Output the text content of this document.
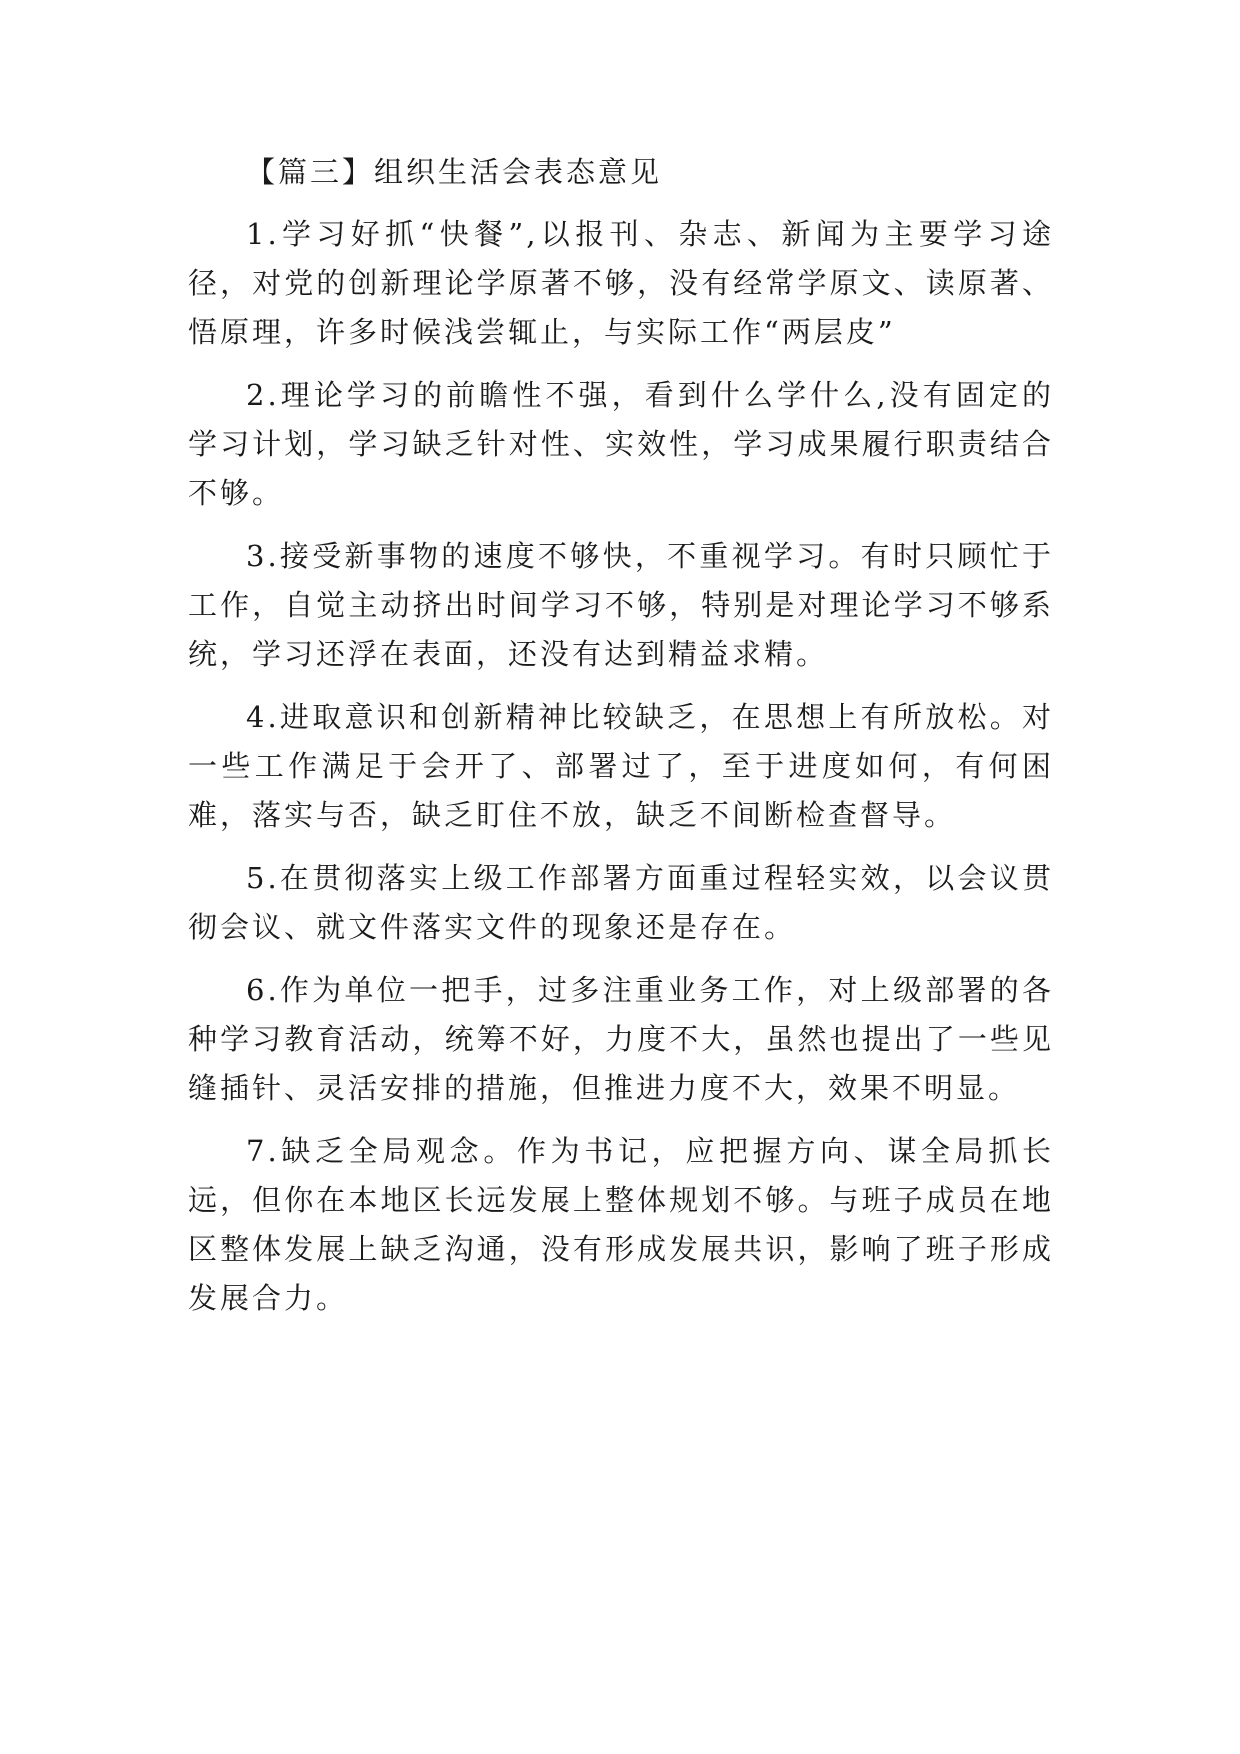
【篇三】组织生活会表态意见

1.学习好抓“快餐”,以报刊、杂志、新闻为主要学习途径，对党的创新理论学原著不够，没有经常学原文、读原著、悟原理，许多时候浅尝辄止，与实际工作“两层皮”

2.理论学习的前瞻性不强，看到什么学什么,没有固定的学习计划，学习缺乏针对性、实效性，学习成果履行职责结合不够。

3.接受新事物的速度不够快，不重视学习。有时只顾忙于工作，自觉主动挤出时间学习不够，特别是对理论学习不够系统，学习还浮在表面，还没有达到精益求精。

4.进取意识和创新精神比较缺乏，在思想上有所放松。对一些工作满足于会开了、部署过了，至于进度如何，有何困难，落实与否，缺乏盯住不放，缺乏不间断检查督导。

5.在贯彻落实上级工作部署方面重过程轻实效，以会议贯彻会议、就文件落实文件的现象还是存在。

6.作为单位一把手，过多注重业务工作，对上级部署的各种学习教育活动，统筹不好，力度不大，虽然也提出了一些见缝插针、灵活安排的措施，但推进力度不大，效果不明显。

7.缺乏全局观念。作为书记，应把握方向、谋全局抓长远，但你在本地区长远发展上整体规划不够。与班子成员在地区整体发展上缺乏沟通，没有形成发展共识，影响了班子形成发展合力。
